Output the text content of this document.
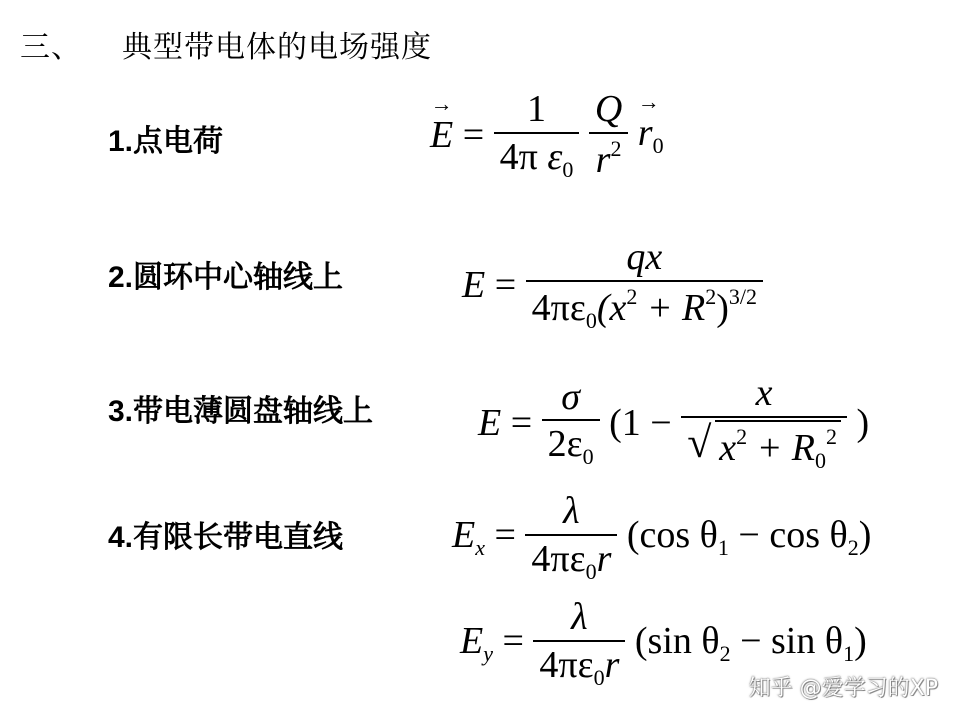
三、 典型带电体的电场强度
1.点电荷
→	$E = \frac{1}{4\pi \varepsilon_0}$
$\frac{Q}{r^2}$
→ $r_0$
2.圆环中心轴线上	$E = \frac{qx}{4\pi\varepsilon_0(x^2 + R^2)^{3/2}}$
3.带电薄圆盘轴线上	$E = \frac{\sigma}{2\varepsilon_0} (1 - \frac{x}{√ x^2 + R_0^2}$ )
4.有限长带电直线	$E_x = \frac{\lambda}{4\pi\varepsilon_0r} (\cos$ $\theta_1 - \cos \theta_2$)
$E_y = \frac{\lambda}{4\pi\varepsilon_0r} (\sin$ $\theta_2 - \sin \theta_1$)
知乎 @爱学习的XP
